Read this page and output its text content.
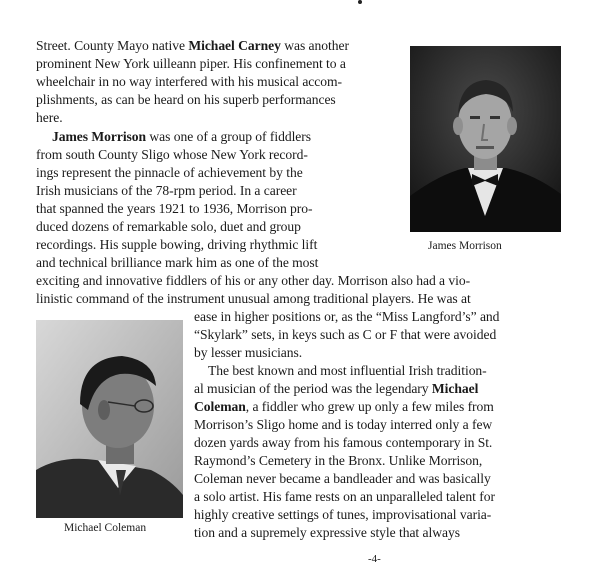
Street. County Mayo native Michael Carney was another
prominent New York uilleann piper. His confinement to a
wheelchair in no way interfered with his musical accom-
plishments, as can be heard on his superb performances
here.
James Morrison was one of a group of fiddlers
from south County Sligo whose New York record-
ings represent the pinnacle of achievement by the
Irish musicians of the 78-rpm period. In a career
that spanned the years 1921 to 1936, Morrison pro-
duced dozens of remarkable solo, duet and group
recordings. His supple bowing, driving rhythmic lift
and technical brilliance mark him as one of the most
exciting and innovative fiddlers of his or any other day. Morrison also had a vio-
linistic command of the instrument unusual among traditional players. He was at
ease in higher positions or, as the “Miss Langford’s” and
“Skylark” sets, in keys such as C or F that were avoided
by lesser musicians.
The best known and most influential Irish tradition-
al musician of the period was the legendary Michael
Coleman, a fiddler who grew up only a few miles from
Morrison’s Sligo home and is today interred only a few
dozen yards away from his famous contemporary in St.
Raymond’s Cemetery in the Bronx. Unlike Morrison,
Coleman never became a bandleader and was basically
a solo artist. His fame rests on an unparalleled talent for
highly creative settings of tunes, improvisational varia-
tion and a supremely expressive style that always
James Morrison
Michael Coleman
-4-
